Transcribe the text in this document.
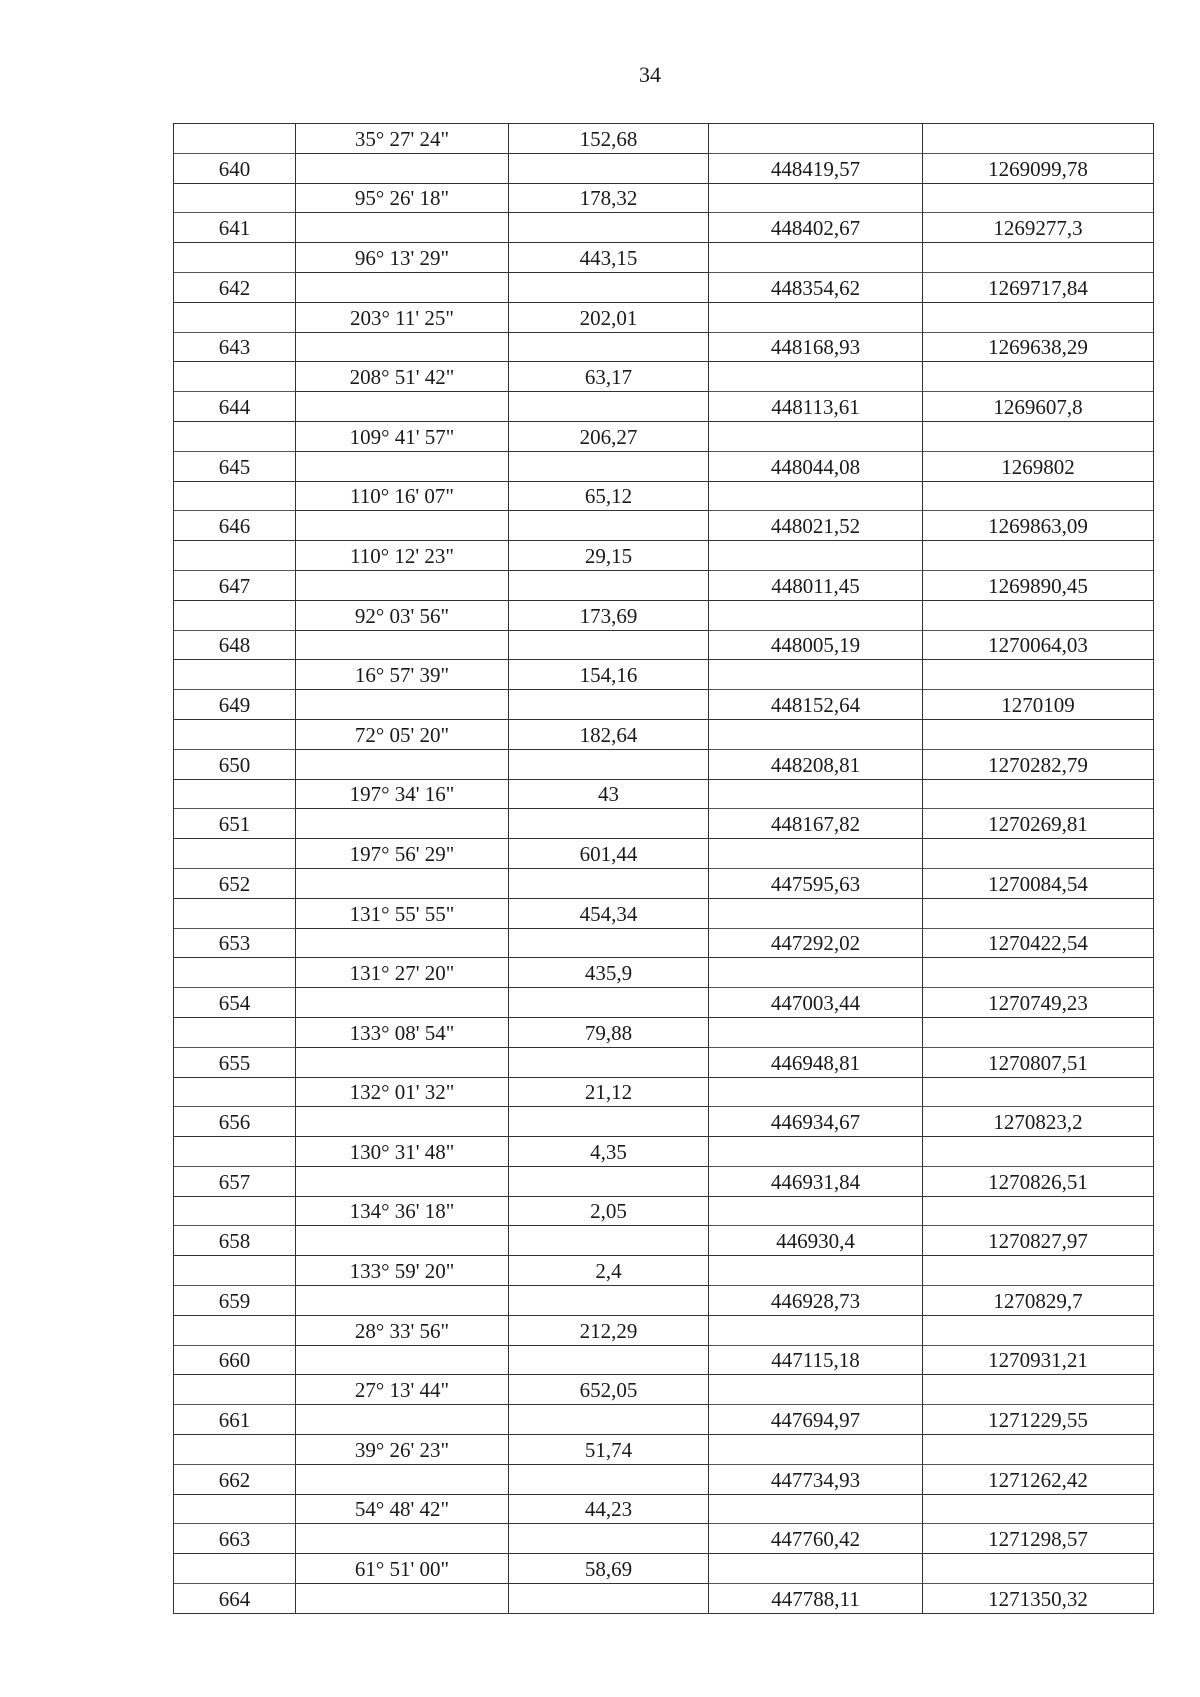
34
	35° 27' 24"	152,68		
640			448419,57	1269099,78
	95° 26' 18"	178,32		
641			448402,67	1269277,3
	96° 13' 29"	443,15		
642			448354,62	1269717,84
	203° 11' 25"	202,01		
643			448168,93	1269638,29
	208° 51' 42"	63,17		
644			448113,61	1269607,8
	109° 41' 57"	206,27		
645			448044,08	1269802
	110° 16' 07"	65,12		
646			448021,52	1269863,09
	110° 12' 23"	29,15		
647			448011,45	1269890,45
	92° 03' 56"	173,69		
648			448005,19	1270064,03
	16° 57' 39"	154,16		
649			448152,64	1270109
	72° 05' 20"	182,64		
650			448208,81	1270282,79
	197° 34' 16"	43		
651			448167,82	1270269,81
	197° 56' 29"	601,44		
652			447595,63	1270084,54
	131° 55' 55"	454,34		
653			447292,02	1270422,54
	131° 27' 20"	435,9		
654			447003,44	1270749,23
	133° 08' 54"	79,88		
655			446948,81	1270807,51
	132° 01' 32"	21,12		
656			446934,67	1270823,2
	130° 31' 48"	4,35		
657			446931,84	1270826,51
	134° 36' 18"	2,05		
658			446930,4	1270827,97
	133° 59' 20"	2,4		
659			446928,73	1270829,7
	28° 33' 56"	212,29		
660			447115,18	1270931,21
	27° 13' 44"	652,05		
661			447694,97	1271229,55
	39° 26' 23"	51,74		
662			447734,93	1271262,42
	54° 48' 42"	44,23		
663			447760,42	1271298,57
	61° 51' 00"	58,69		
664			447788,11	1271350,32
